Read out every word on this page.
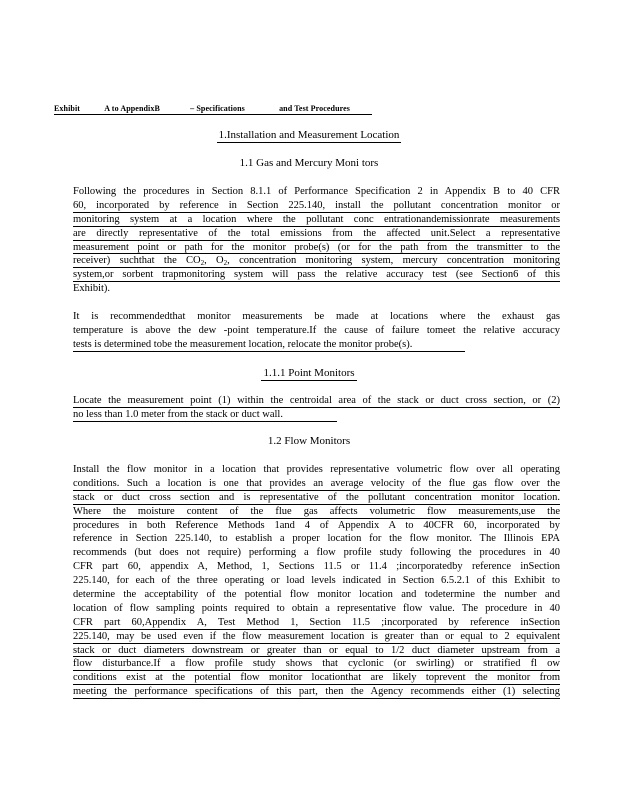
Exhibit	A to AppendixB	– Specifications	and Test Procedures
1.Installation and Measurement Location
1.1 Gas and Mercury Moni tors
Following the procedures in Section 8.1.1 of Performance Specification 2 in Appendix B to 40 CFR
60, incorporated by reference in Section 225.140, install the pollutant concentration monitor or
monitoring system at a location where the pollutant conc entrationandemissionrate measurements
are directly representative of the total emissions from the affected unit.Select a representative
measurement point or path for the monitor probe(s) (or for the path from the transmitter to the
receiver) suchthat the $CO_2$, $O_2$, concentration monitoring system, mercury concentration monitoring
system,or sorbent trapmonitoring system will pass the relative accuracy test (see Section6 of this
Exhibit).
It is recommendedthat monitor measurements be made at locations where the exhaust gas
temperature is above the dew -point temperature.If the cause of failure tomeet the relative accuracy
tests is determined tobe the measurement location, relocate the monitor probe(s).
1.1.1 Point Monitors
Locate the measurement point (1) within the centroidal area of the stack or duct cross section, or (2)
no less than 1.0 meter from the stack or duct wall.
1.2 Flow Monitors
Install the flow monitor in a location that provides representative volumetric flow over all operating
conditions. Such a location is one that provides an average velocity of the flue gas flow over the
stack or duct cross section and is representative of the pollutant concentration monitor location.
Where the moisture content of the flue gas affects volumetric flow measurements,use the
procedures in both Reference Methods 1and 4 of Appendix A to 40CFR 60, incorporated by
reference in Section 225.140, to establish a proper location for the flow monitor. The Illinois EPA
recommends (but does not require) performing a flow profile study following the procedures in 40
CFR part 60, appendix A, Method, 1, Sections 11.5 or 11.4 ;incorporatedby reference inSection
225.140, for each of the three operating or load levels indicated in Section 6.5.2.1 of this Exhibit to
determine the acceptability of the potential flow monitor location and todetermine the number and
location of flow sampling points required to obtain a representative flow value. The procedure in 40
CFR part 60,Appendix A, Test Method 1, Section 11.5 ;incorporated by reference inSection
225.140, may be used even if the flow measurement location is greater than or equal to 2 equivalent
stack or duct diameters downstream or greater than or equal to 1/2 duct diameter upstream from a
flow disturbance.If a flow profile study shows that cyclonic (or swirling) or stratified fl ow
conditions exist at the potential flow monitor locationthat are likely toprevent the monitor from
meeting the performance specifications of this part, then the Agency recommends either (1) selecting
